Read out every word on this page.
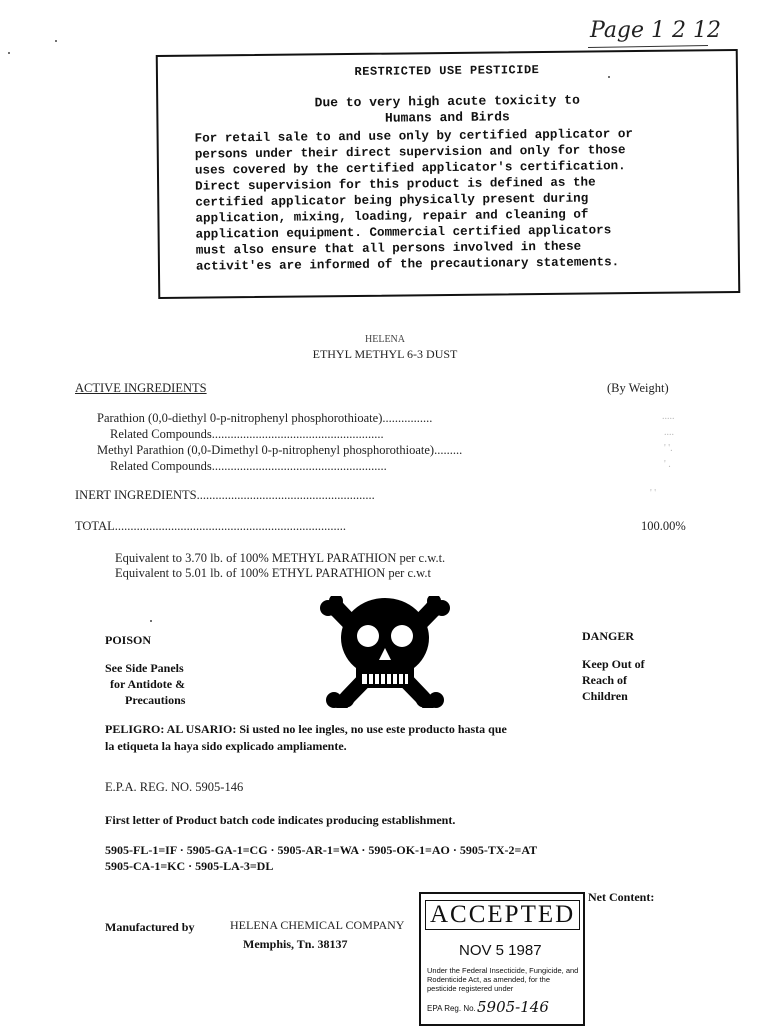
Page 1 2 12
RESTRICTED USE PESTICIDE
Due to very high acute toxicity to
Humans and Birds
For retail sale to and use only by certified applicator or
persons under their direct supervision and only for those
uses covered by the certified applicator's certification.
Direct supervision for this product is defined as the
certified applicator being physically present during
application, mixing, loading, repair and cleaning of
application equipment. Commercial certified applicators
must also ensure that all persons involved in these
activit'es are informed of the precautionary statements.
HELENA
ETHYL METHYL 6-3 DUST
ACTIVE INGREDIENTS	(By Weight)
Parathion (0,0-diethyl 0-p-nitrophenyl phosphorothioate)................	.....
Related Compounds.......................................................	....
Methyl Parathion (0,0-Dimethyl 0-p-nitrophenyl phosphorothioate).........	' '.
Related Compounds........................................................	' .
INERT INGREDIENTS.........................................................	' '
TOTAL..........................................................................	100.00%
Equivalent to 3.70 lb. of 100% METHYL PARATHION per c.w.t.
Equivalent to 5.01 lb. of 100% ETHYL PARATHION per c.w.t
POISON
See Side Panels
for Antidote &
Precautions
DANGER
Keep Out of
Reach of
Children
PELIGRO: AL USARIO: Si usted no lee ingles, no use este producto hasta que
la etiqueta la haya sido explicado ampliamente.
E.P.A. REG. NO. 5905-146
First letter of Product batch code indicates producing establishment.
5905-FL-1=IF · 5905-GA-1=CG · 5905-AR-1=WA · 5905-OK-1=AO · 5905-TX-2=AT
5905-CA-1=KC · 5905-LA-3=DL
Net Content:
Manufactured by	HELENA CHEMICAL COMPANY
Memphis, Tn. 38137
ACCEPTED
NOV 5 1987
Under the Federal Insecticide, Fungicide, and Rodenticide Act, as amended, for the pesticide registered under
EPA Reg. No. 5905-146
